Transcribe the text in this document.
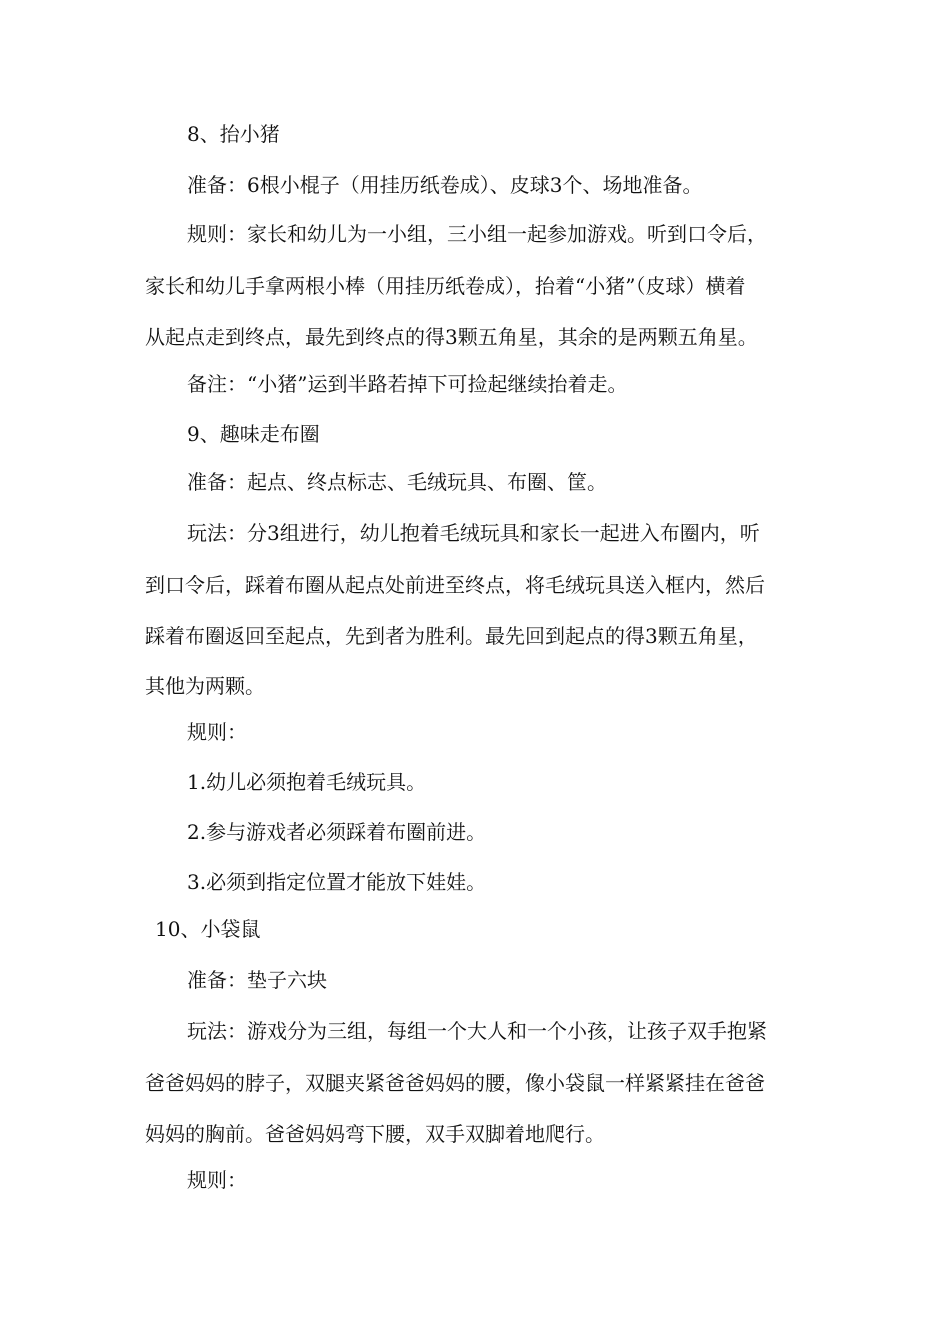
8、抬小猪
准备：6根小棍子（用挂历纸卷成）、皮球3个、场地准备。
规则：家长和幼儿为一小组，三小组一起参加游戏。听到口令后，
家长和幼儿手拿两根小棒（用挂历纸卷成），抬着“小猪”（皮球）横着
从起点走到终点，最先到终点的得3颗五角星，其余的是两颗五角星。
备注：“小猪”运到半路若掉下可捡起继续抬着走。
9、趣味走布圈
准备：起点、终点标志、毛绒玩具、布圈、筐。
玩法：分3组进行，幼儿抱着毛绒玩具和家长一起进入布圈内，听
到口令后，踩着布圈从起点处前进至终点，将毛绒玩具送入框内，然后
踩着布圈返回至起点，先到者为胜利。最先回到起点的得3颗五角星，
其他为两颗。
规则：
1.幼儿必须抱着毛绒玩具。
2.参与游戏者必须踩着布圈前进。
3.必须到指定位置才能放下娃娃。
10、小袋鼠
准备：垫子六块
玩法：游戏分为三组，每组一个大人和一个小孩，让孩子双手抱紧
爸爸妈妈的脖子，双腿夹紧爸爸妈妈的腰，像小袋鼠一样紧紧挂在爸爸
妈妈的胸前。爸爸妈妈弯下腰，双手双脚着地爬行。
规则：
